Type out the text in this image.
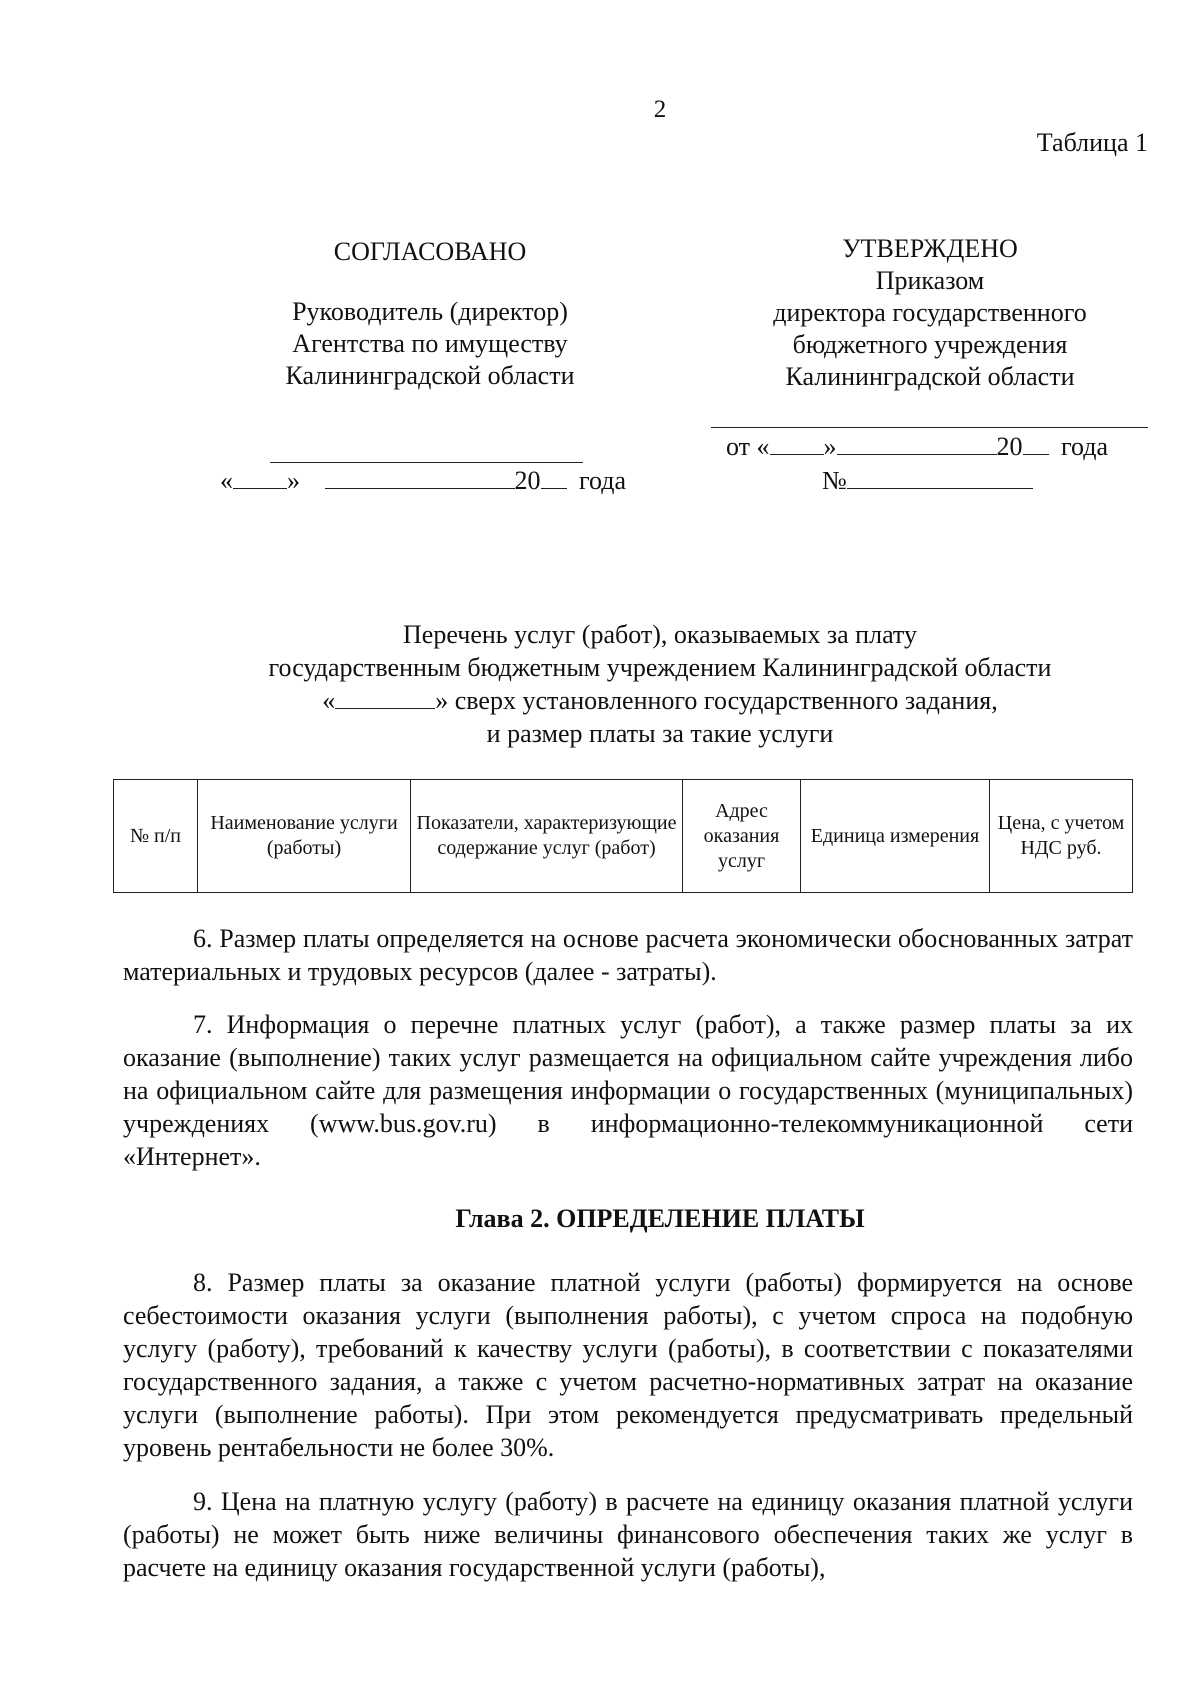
2
Таблица 1
СОГЛАСОВАНО
Руководитель (директор)
Агентства по имуществу
Калининградской области
« »	20 года
УТВЕРЖДЕНО
Приказом
директора государственного
бюджетного учреждения
Калининградской области
от « »	20 года
№
Перечень услуг (работ), оказываемых за плату
государственным бюджетным учреждением Калининградской области
«	» сверх установленного государственного задания,
и размер платы за такие услуги
№ п/п	Наименование услуги (работы)	Показатели, характеризующие содержание услуг (работ)	Адрес оказания услуг	Единица измерения	Цена, с учетом НДС руб.

6. Размер платы определяется на основе расчета экономически обоснованных затрат материальных и трудовых ресурсов (далее - затраты).

7. Информация о перечне платных услуг (работ), а также размер платы за их оказание (выполнение) таких услуг размещается на официальном сайте учреждения либо на официальном сайте для размещения информации о государственных (муниципальных) учреждениях (www.bus.gov.ru) в информационно-телекоммуникационной сети «Интернет».

Глава 2. ОПРЕДЕЛЕНИЕ ПЛАТЫ

8. Размер платы за оказание платной услуги (работы) формируется на основе себестоимости оказания услуги (выполнения работы), с учетом спроса на подобную услугу (работу), требований к качеству услуги (работы), в соответствии с показателями государственного задания, а также с учетом расчетно-нормативных затрат на оказание услуги (выполнение работы). При этом рекомендуется предусматривать предельный уровень рентабельности не более 30%.

9. Цена на платную услугу (работу) в расчете на единицу оказания платной услуги (работы) не может быть ниже величины финансового обеспечения таких же услуг в расчете на единицу оказания государственной услуги (работы),
